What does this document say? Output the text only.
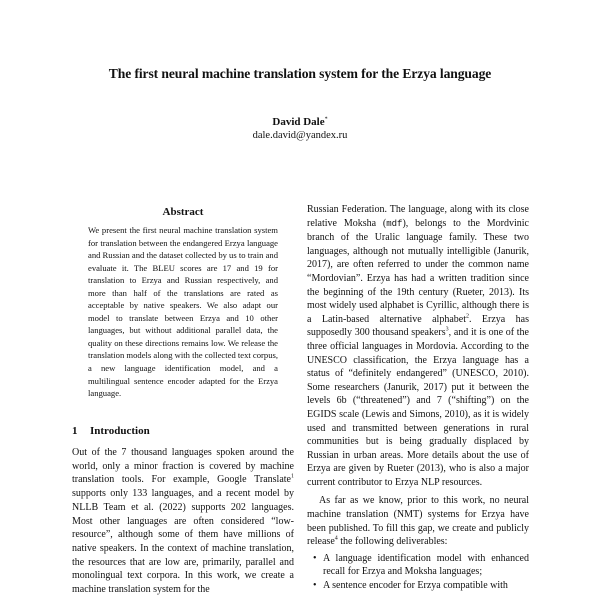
The first neural machine translation system for the Erzya language
David Dale*
dale.david@yandex.ru
Abstract
We present the first neural machine translation system for translation between the endangered Erzya language and Russian and the dataset collected by us to train and evaluate it. The BLEU scores are 17 and 19 for translation to Erzya and Russian respectively, and more than half of the translations are rated as acceptable by native speakers. We also adapt our model to translate between Erzya and 10 other languages, but without additional parallel data, the quality on these directions remains low. We release the translation models along with the collected text corpus, a new language identification model, and a multilingual sentence encoder adapted for the Erzya language.
1 Introduction
Out of the 7 thousand languages spoken around the world, only a minor fraction is covered by machine translation tools. For example, Google Translate$^1$ supports only 133 languages, and a recent model by NLLB Team et al. (2022) supports 202 languages. Most other languages are often considered “low-resource”, although some of them have millions of native speakers. In the context of machine translation, the resources that are low are, primarily, parallel and monolingual text corpora. In this work, we create a machine translation system for the

Russian Federation. The language, along with its close relative Moksha (mdf), belongs to the Mordvinic branch of the Uralic language family. These two languages, although not mutually intelligible (Janurik, 2017), are often referred to under the common name “Mordovian”. Erzya has had a written tradition since the beginning of the 19th century (Rueter, 2013). Its most widely used alphabet is Cyrillic, although there is a Latin-based alternative alphabet$^2$. Erzya has supposedly 300 thousand speakers$^3$, and it is one of the three official languages in Mordovia. According to the UNESCO classification, the Erzya language has a status of “definitely endangered” (UNESCO, 2010). Some researchers (Janurik, 2017) put it between the levels 6b (“threatened”) and 7 (“shifting”) on the EGIDS scale (Lewis and Simons, 2010), as it is widely used and transmitted between generations in rural communities but is being gradually displaced by Russian in urban areas. More details about the use of Erzya are given by Rueter (2013), who is also a major current contributor to Erzya NLP resources.

As far as we know, prior to this work, no neural machine translation (NMT) systems for Erzya have been published. To fill this gap, we create and publicly release$^4$ the following deliverables:

• A language identification model with enhanced recall for Erzya and Moksha languages;
• A sentence encoder for Erzya compatible with
